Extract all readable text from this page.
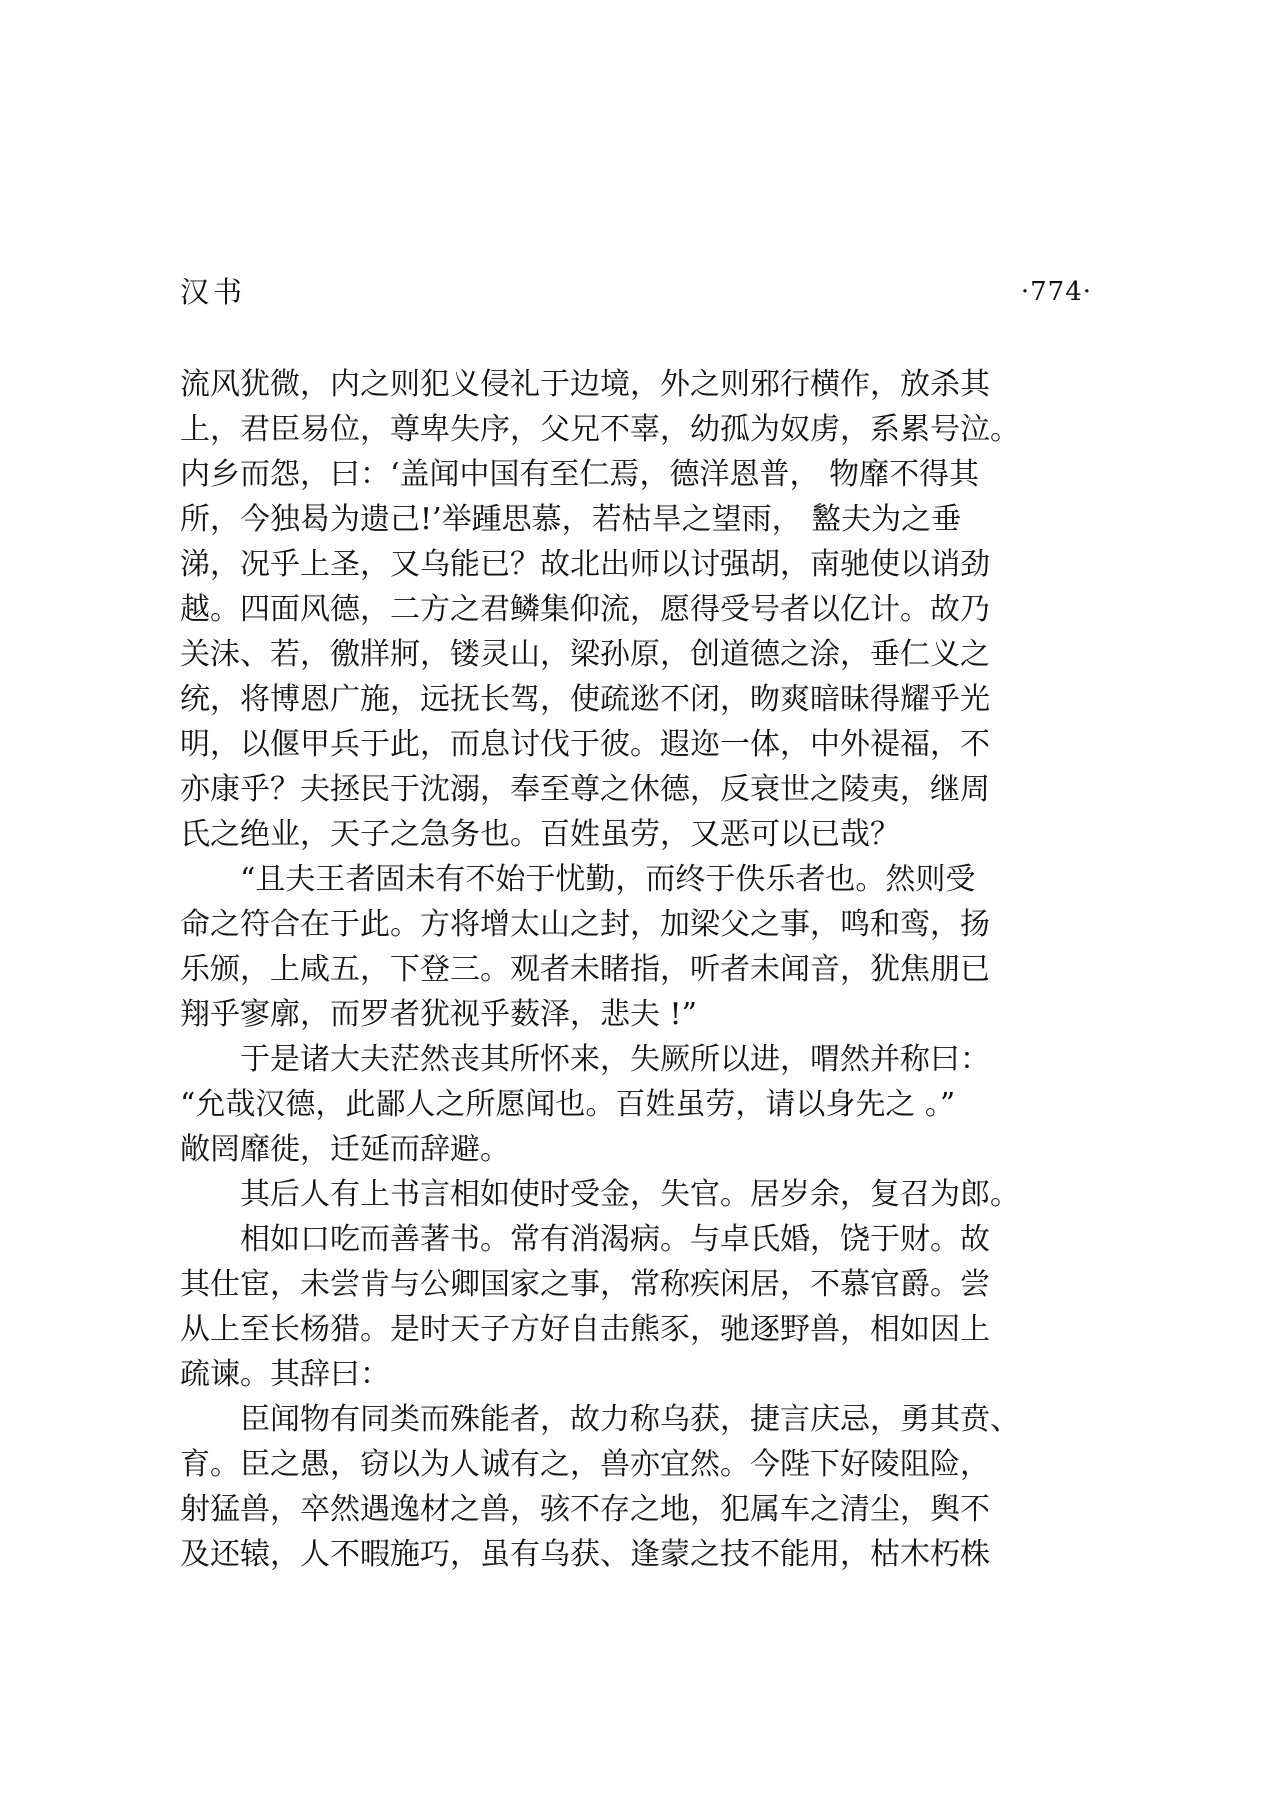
汉书	·774·
流风犹微，内之则犯义侵礼于边境，外之则邪行横作，放杀其
上，君臣易位，尊卑失序，父兄不辜，幼孤为奴虏，系累号泣。
内乡而怨，曰：‘盖闻中国有至仁焉，德洋恩普， 物靡不得其
所，今独曷为遗己!’举踵思慕，若枯旱之望雨， 盭夫为之垂
涕，况乎上圣，又乌能已？故北出师以讨强胡，南驰使以诮劲
越。四面风德，二方之君鳞集仰流，愿得受号者以亿计。故乃
关沬、若，徼牂牁，镂灵山，梁孙原，创道德之涂，垂仁义之
统，将博恩广施，远抚长驾，使疏逖不闭，昒爽暗昧得耀乎光
明，以偃甲兵于此，而息讨伐于彼。遐迩一体，中外禔福，不
亦康乎？夫拯民于沈溺，奉至尊之休德，反衰世之陵夷，继周
氏之绝业，天子之急务也。百姓虽劳，又恶可以已哉？
“且夫王者固未有不始于忧勤，而终于佚乐者也。然则受
命之符合在于此。方将增太山之封，加梁父之事，鸣和鸾，扬
乐颁，上咸五，下登三。观者未睹指，听者未闻音，犹焦朋已
翔乎寥廓，而罗者犹视乎薮泽，悲夫 !”
于是诸大夫茫然丧其所怀来，失厥所以进，喟然并称曰：
“允哉汉德，此鄙人之所愿闻也。百姓虽劳，请以身先之 。”
敞罔靡徙，迁延而辞避。
其后人有上书言相如使时受金，失官。居岁余，复召为郎。
相如口吃而善著书。常有消渴病。与卓氏婚，饶于财。故
其仕宦，未尝肯与公卿国家之事，常称疾闲居，不慕官爵。尝
从上至长杨猎。是时天子方好自击熊豕，驰逐野兽，相如因上
疏谏。其辞曰：
臣闻物有同类而殊能者，故力称乌获，捷言庆忌，勇其贲、
育。臣之愚，窃以为人诚有之，兽亦宜然。今陛下好陵阻险，
射猛兽，卒然遇逸材之兽，骇不存之地，犯属车之清尘，舆不
及还辕，人不暇施巧，虽有乌获、逢蒙之技不能用，枯木朽株
